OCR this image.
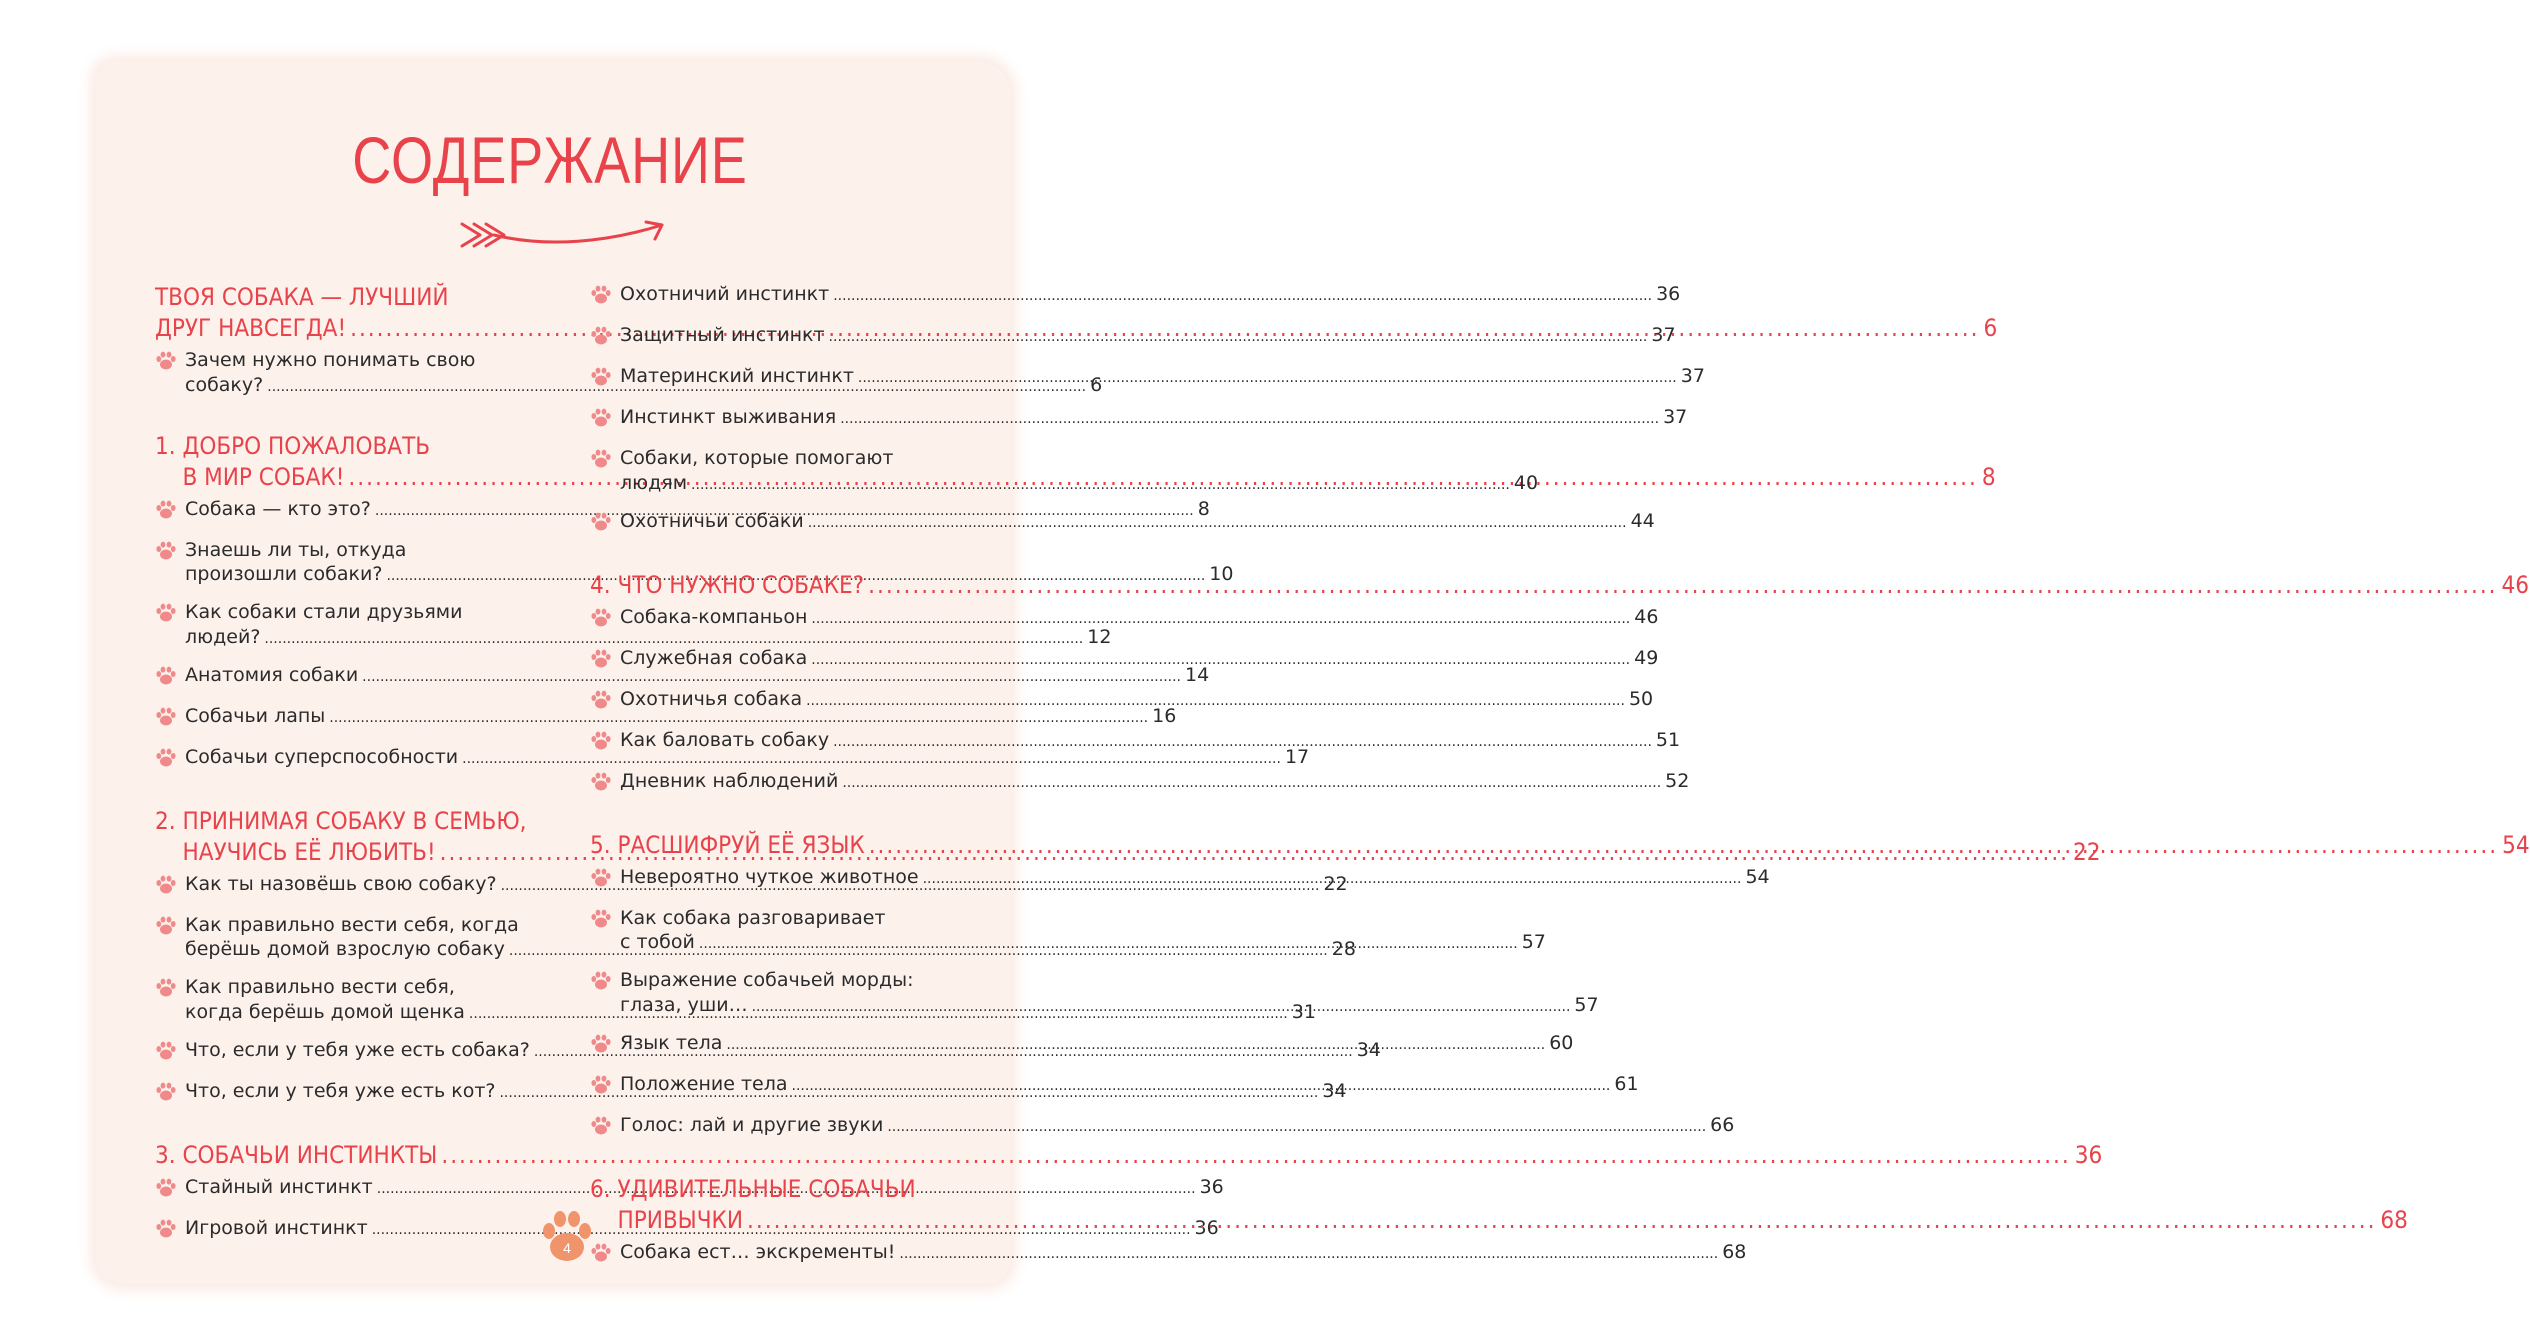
СОДЕРЖАНИЕ
ТВОЯ СОБАКА — ЛУЧШИЙ
ДРУГ НАВСЕГДА! .....	6
Зачем нужно понимать свою
собаку? .....	6
1. ДОБРО ПОЖАЛОВАТЬ
В МИР СОБАК! .....	8
Собака — кто это? .....	8
Знаешь ли ты, откуда
произошли собаки? .....	10
Как собаки стали друзьями
людей? .....	12
Анатомия собаки .....	14
Собачьи лапы .....	16
Собачьи суперспособности .....	17
2. ПРИНИМАЯ СОБАКУ В СЕМЬЮ,
НАУЧИСЬ ЕЁ ЛЮБИТЬ! .....	22
Как ты назовёшь свою собаку? .....	22
Как правильно вести себя, когда
берёшь домой взрослую собаку .....	28
Как правильно вести себя,
когда берёшь домой щенка .....	31
Что, если у тебя уже есть собака? .....	34
Что, если у тебя уже есть кот? .....	34
3. СОБАЧЬИ ИНСТИНКТЫ .....	36
Стайный инстинкт .....	36
Игровой инстинкт .....	36
Охотничий инстинкт .....	36
Защитный инстинкт .....	37
Материнский инстинкт .....	37
Инстинкт выживания .....	37
Собаки, которые помогают
людям .....	40
Охотничьи собаки .....	44
4. ЧТО НУЖНО СОБАКЕ? .....	46
Собака-компаньон .....	46
Служебная собака .....	49
Охотничья собака .....	50
Как баловать собаку .....	51
Дневник наблюдений .....	52
5. РАСШИФРУЙ ЕЁ ЯЗЫК .....	54
Невероятно чуткое животное .....	54
Как собака разговаривает
с тобой .....	57
Выражение собачьей морды:
глаза, уши… .....	57
Язык тела .....	60
Положение тела .....	61
Голос: лай и другие звуки .....	66
6. УДИВИТЕЛЬНЫЕ СОБАЧЬИ
ПРИВЫЧКИ .....	68
Собака ест… экскременты! .....	68
4
